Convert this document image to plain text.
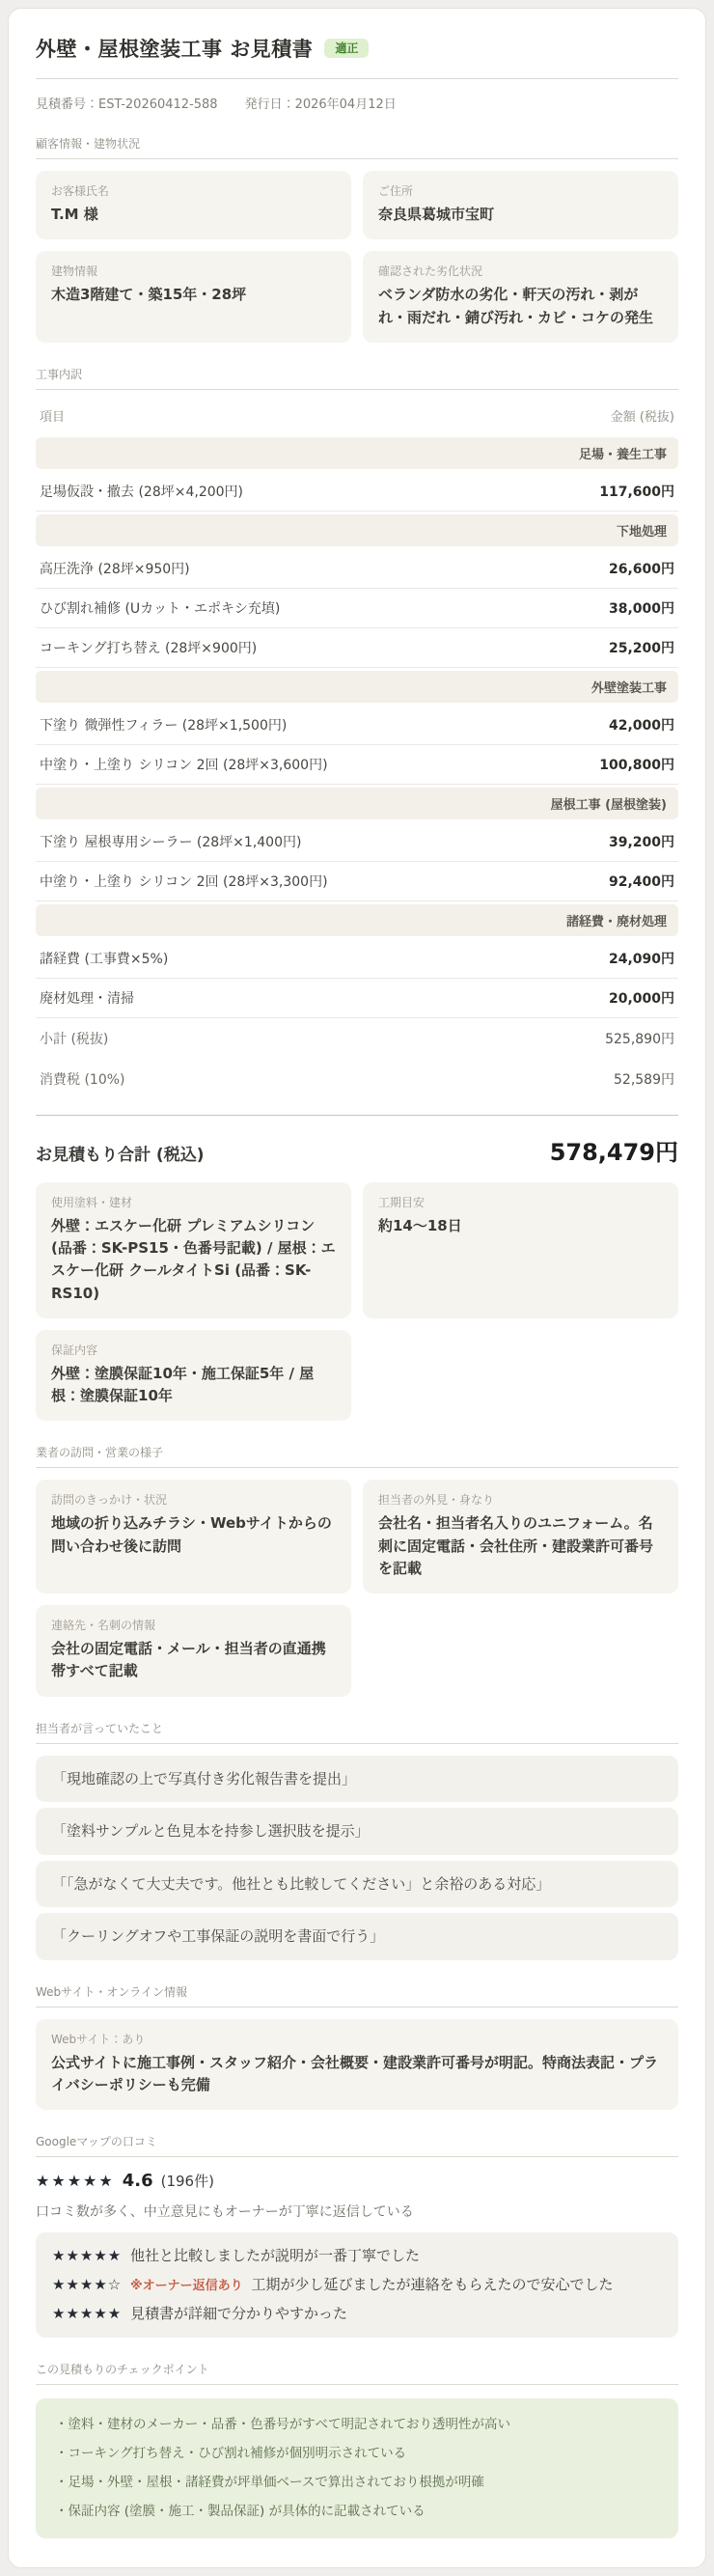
外壁・屋根塗装工事 お見積書	適正
見積番号：EST-20260412-588 発行日：2026年04月12日
顧客情報・建物状況
お客様氏名
T.M 様
ご住所
奈良県葛城市宝町
建物情報
木造3階建て・築15年・28坪
確認された劣化状況
ベランダ防水の劣化・軒天の汚れ・剥がれ・雨だれ・錆び汚れ・カビ・コケの発生
工事内訳
項目	金額 (税抜)
足場・養生工事
足場仮設・撤去 (28坪×4,200円)	117,600円
下地処理
高圧洗浄 (28坪×950円)	26,600円
ひび割れ補修 (Uカット・エポキシ充填)	38,000円
コーキング打ち替え (28坪×900円)	25,200円
外壁塗装工事
下塗り 微弾性フィラー (28坪×1,500円)	42,000円
中塗り・上塗り シリコン 2回 (28坪×3,600円)	100,800円
屋根工事 (屋根塗装)
下塗り 屋根専用シーラー (28坪×1,400円)	39,200円
中塗り・上塗り シリコン 2回 (28坪×3,300円)	92,400円
諸経費・廃材処理
諸経費 (工事費×5%)	24,090円
廃材処理・清掃	20,000円
小計 (税抜)	525,890円
消費税 (10%)	52,589円
お見積もり合計 (税込)	578,479円
使用塗料・建材
外壁：エスケー化研 プレミアムシリコン (品番：SK-PS15・色番号記載) / 屋根：エスケー化研 クールタイトSi (品番：SK-RS10)
工期目安
約14〜18日
保証内容
外壁：塗膜保証10年・施工保証5年 / 屋根：塗膜保証10年
業者の訪問・営業の様子
訪問のきっかけ・状況
地域の折り込みチラシ・Webサイトからの問い合わせ後に訪問
担当者の外見・身なり
会社名・担当者名入りのユニフォーム。名刺に固定電話・会社住所・建設業許可番号を記載
連絡先・名刺の情報
会社の固定電話・メール・担当者の直通携帯すべて記載
担当者が言っていたこと
「現地確認の上で写真付き劣化報告書を提出」
「塗料サンプルと色見本を持参し選択肢を提示」
「「急がなくて大丈夫です。他社とも比較してください」と余裕のある対応」
「クーリングオフや工事保証の説明を書面で行う」
Webサイト・オンライン情報
Webサイト：あり
公式サイトに施工事例・スタッフ紹介・会社概要・建設業許可番号が明記。特商法表記・プライバシーポリシーも完備
Googleマップの口コミ
★★★★★ 4.6 (196件)
口コミ数が多く、中立意見にもオーナーが丁寧に返信している
★★★★★ 他社と比較しましたが説明が一番丁寧でした
★★★★☆ ※オーナー返信あり 工期が少し延びましたが連絡をもらえたので安心でした
★★★★★ 見積書が詳細で分かりやすかった
この見積もりのチェックポイント
・塗料・建材のメーカー・品番・色番号がすべて明記されており透明性が高い
・コーキング打ち替え・ひび割れ補修が個別明示されている
・足場・外壁・屋根・諸経費が坪単価ベースで算出されており根拠が明確
・保証内容 (塗膜・施工・製品保証) が具体的に記載されている
